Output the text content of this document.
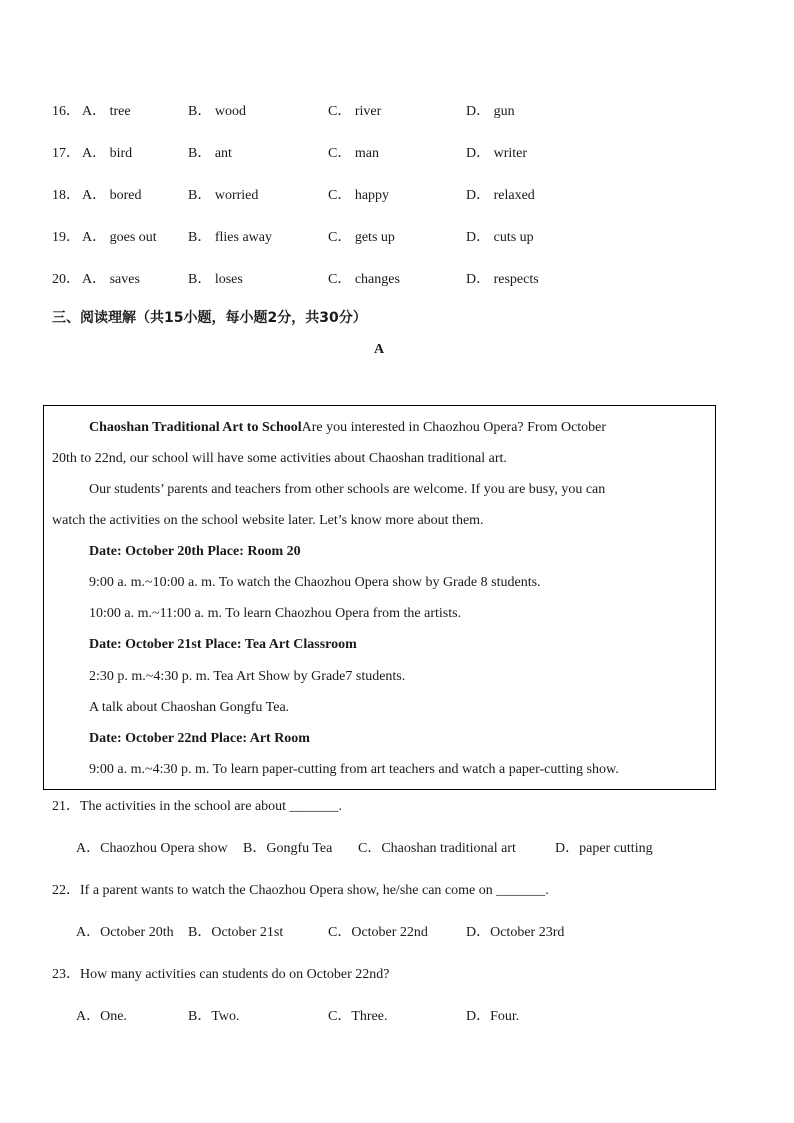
16． A． tree	B． wood	C． river	D． gun
17． A． bird	B． ant	C． man	D． writer
18． A． bored	B． worried	C． happy	D． relaxed
19． A． goes out B． flies away	C． gets up	D． cuts up
20． A． saves	B． loses	C． changes	D． respects
三、阅读理解（共15小题，每小题2分，共30分）
A
Chaoshan Traditional Art to School Are you interested in Chaozhou Opera? From October
20th to 22nd, our school will have some activities about Chaoshan traditional art.
Our students’ parents and teachers from other schools are welcome. If you are busy, you can
watch the activities on the school website later. Let’s know more about them.
Date: October 20th Place: Room 20
9:00 a. m.~10:00 a. m. To watch the Chaozhou Opera show by Grade 8 students.
10:00 a. m.~11:00 a. m. To learn Chaozhou Opera from the artists.
Date: October 21st Place: Tea Art Classroom
2:30 p. m.~4:30 p. m. Tea Art Show by Grade7 students.
A talk about Chaoshan Gongfu Tea.
Date: October 22nd Place: Art Room
9:00 a. m.~4:30 p. m. To learn paper-cutting from art teachers and watch a paper-cutting show.
21．The activities in the school are about _______.
A．Chaozhou Opera show B．Gongfu Tea C．Chaoshan traditional art	D．paper cutting
22．If a parent wants to watch the Chaozhou Opera show, he/she can come on _______.
A．October 20th B．October 21st	C．October 22nd	D．October 23rd
23．How many activities can students do on October 22nd?
A．One.	B．Two.	C．Three.	D．Four.
